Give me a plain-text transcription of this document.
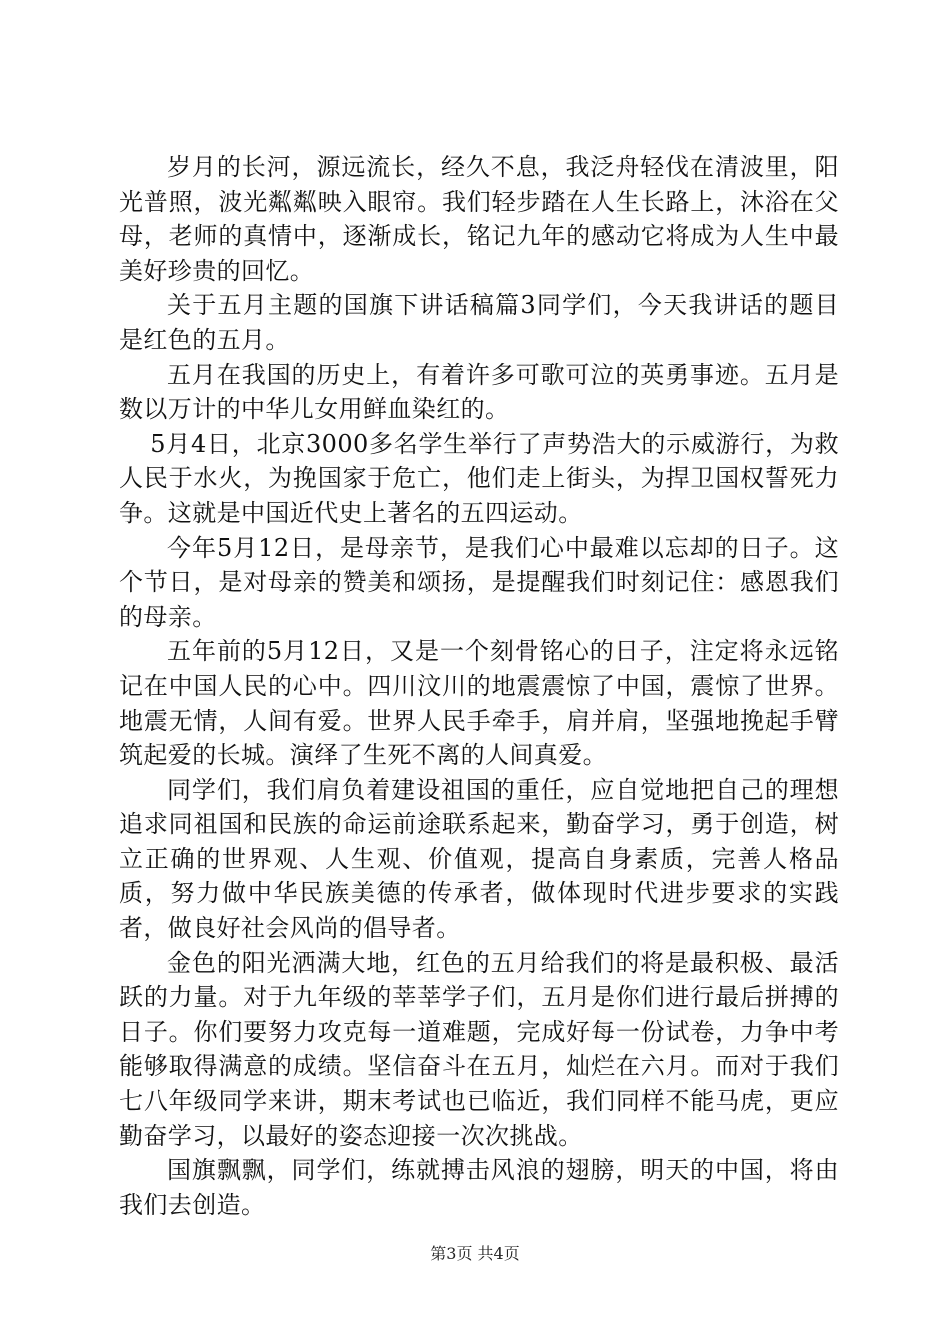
岁月的长河，源远流长，经久不息，我泛舟轻伐在清波里，阳光普照，波光粼粼映入眼帘。我们轻步踏在人生长路上，沐浴在父母，老师的真情中，逐渐成长，铭记九年的感动它将成为人生中最美好珍贵的回忆。

关于五月主题的国旗下讲话稿篇3同学们，今天我讲话的题目是红色的五月。

五月在我国的历史上，有着许多可歌可泣的英勇事迹。五月是数以万计的中华儿女用鲜血染红的。

5月4日，北京3000多名学生举行了声势浩大的示威游行，为救人民于水火，为挽国家于危亡，他们走上街头，为捍卫国权誓死力争。这就是中国近代史上著名的五四运动。

今年5月12日，是母亲节，是我们心中最难以忘却的日子。这个节日，是对母亲的赞美和颂扬，是提醒我们时刻记住：感恩我们的母亲。

五年前的5月12日，又是一个刻骨铭心的日子，注定将永远铭记在中国人民的心中。四川汶川的地震震惊了中国，震惊了世界。地震无情，人间有爱。世界人民手牵手，肩并肩，坚强地挽起手臂筑起爱的长城。演绎了生死不离的人间真爱。

同学们，我们肩负着建设祖国的重任，应自觉地把自己的理想追求同祖国和民族的命运前途联系起来，勤奋学习，勇于创造，树立正确的世界观、人生观、价值观，提高自身素质，完善人格品质，努力做中华民族美德的传承者，做体现时代进步要求的实践者，做良好社会风尚的倡导者。

金色的阳光洒满大地，红色的五月给我们的将是最积极、最活跃的力量。对于九年级的莘莘学子们，五月是你们进行最后拼搏的日子。你们要努力攻克每一道难题，完成好每一份试卷，力争中考能够取得满意的成绩。坚信奋斗在五月，灿烂在六月。而对于我们七八年级同学来讲，期末考试也已临近，我们同样不能马虎，更应勤奋学习，以最好的姿态迎接一次次挑战。

国旗飘飘，同学们，练就搏击风浪的翅膀，明天的中国，将由我们去创造。

第3页 共4页
